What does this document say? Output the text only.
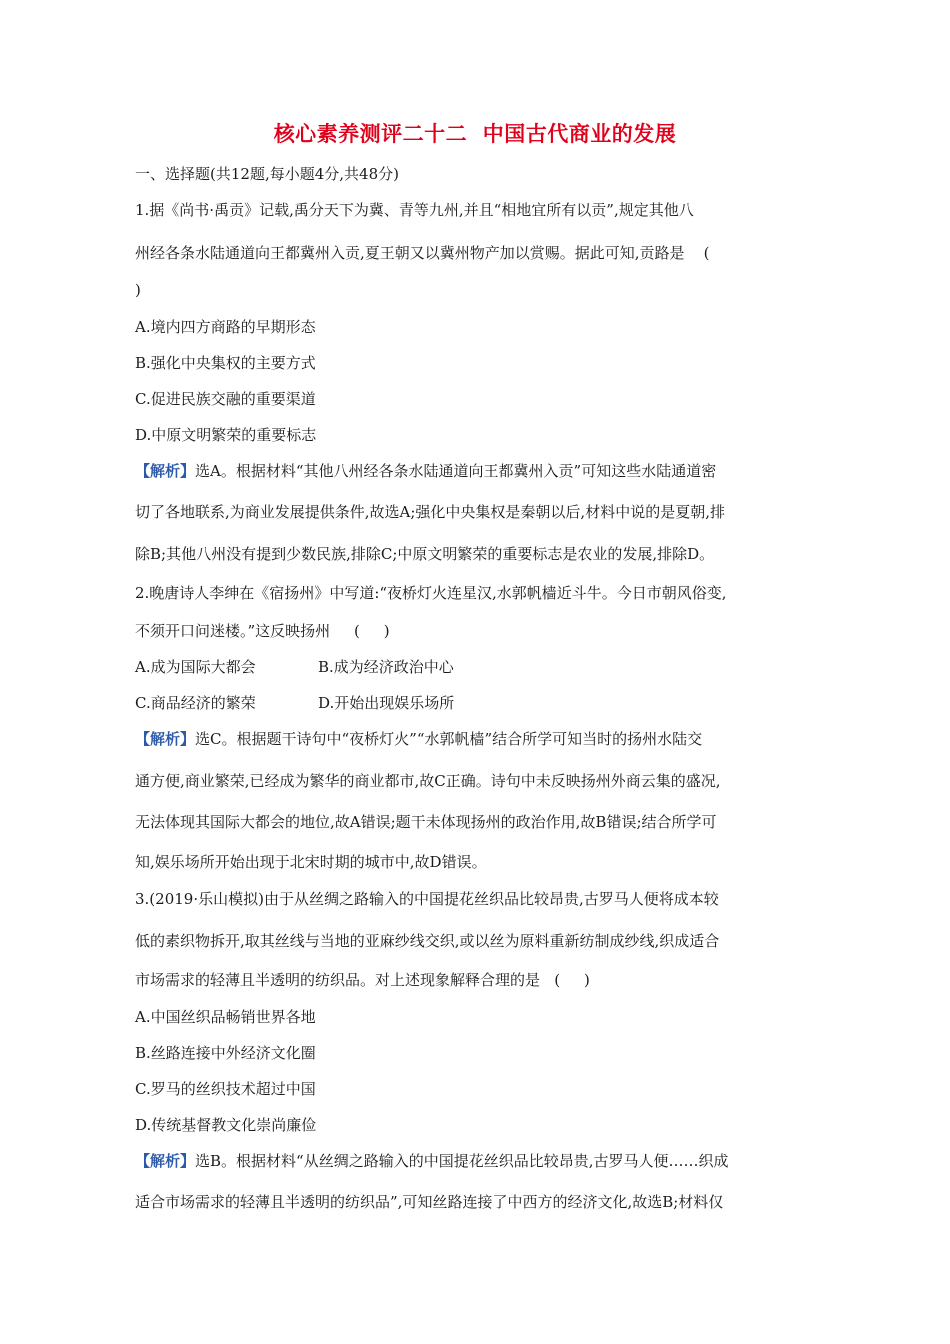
核心素养测评二十二  中国古代商业的发展
一、选择题(共12题,每小题4分,共48分)
1.据《尚书·禹贡》记载,禹分天下为冀、青等九州,并且“相地宜所有以贡”,规定其他八
州经各条水陆通道向王都冀州入贡,夏王朝又以冀州物产加以赏赐。据此可知,贡路是    (
)
A.境内四方商路的早期形态
B.强化中央集权的主要方式
C.促进民族交融的重要渠道
D.中原文明繁荣的重要标志
【解析】选A。根据材料“其他八州经各条水陆通道向王都冀州入贡”可知这些水陆通道密
切了各地联系,为商业发展提供条件,故选A;强化中央集权是秦朝以后,材料中说的是夏朝,排
除B;其他八州没有提到少数民族,排除C;中原文明繁荣的重要标志是农业的发展,排除D。
2.晚唐诗人李绅在《宿扬州》中写道:“夜桥灯火连星汉,水郭帆樯近斗牛。今日市朝风俗变,
不须开口问迷楼。”这反映扬州     (     )
A.成为国际大都会	B.成为经济政治中心
C.商品经济的繁荣	D.开始出现娱乐场所
【解析】选C。根据题干诗句中“夜桥灯火”“水郭帆樯”结合所学可知当时的扬州水陆交
通方便,商业繁荣,已经成为繁华的商业都市,故C正确。诗句中未反映扬州外商云集的盛况,
无法体现其国际大都会的地位,故A错误;题干未体现扬州的政治作用,故B错误;结合所学可
知,娱乐场所开始出现于北宋时期的城市中,故D错误。
3.(2019·乐山模拟)由于从丝绸之路输入的中国提花丝织品比较昂贵,古罗马人便将成本较
低的素织物拆开,取其丝线与当地的亚麻纱线交织,或以丝为原料重新纺制成纱线,织成适合
市场需求的轻薄且半透明的纺织品。对上述现象解释合理的是   (     )
A.中国丝织品畅销世界各地
B.丝路连接中外经济文化圈
C.罗马的丝织技术超过中国
D.传统基督教文化崇尚廉俭
【解析】选B。根据材料“从丝绸之路输入的中国提花丝织品比较昂贵,古罗马人便……织成
适合市场需求的轻薄且半透明的纺织品”,可知丝路连接了中西方的经济文化,故选B;材料仅
